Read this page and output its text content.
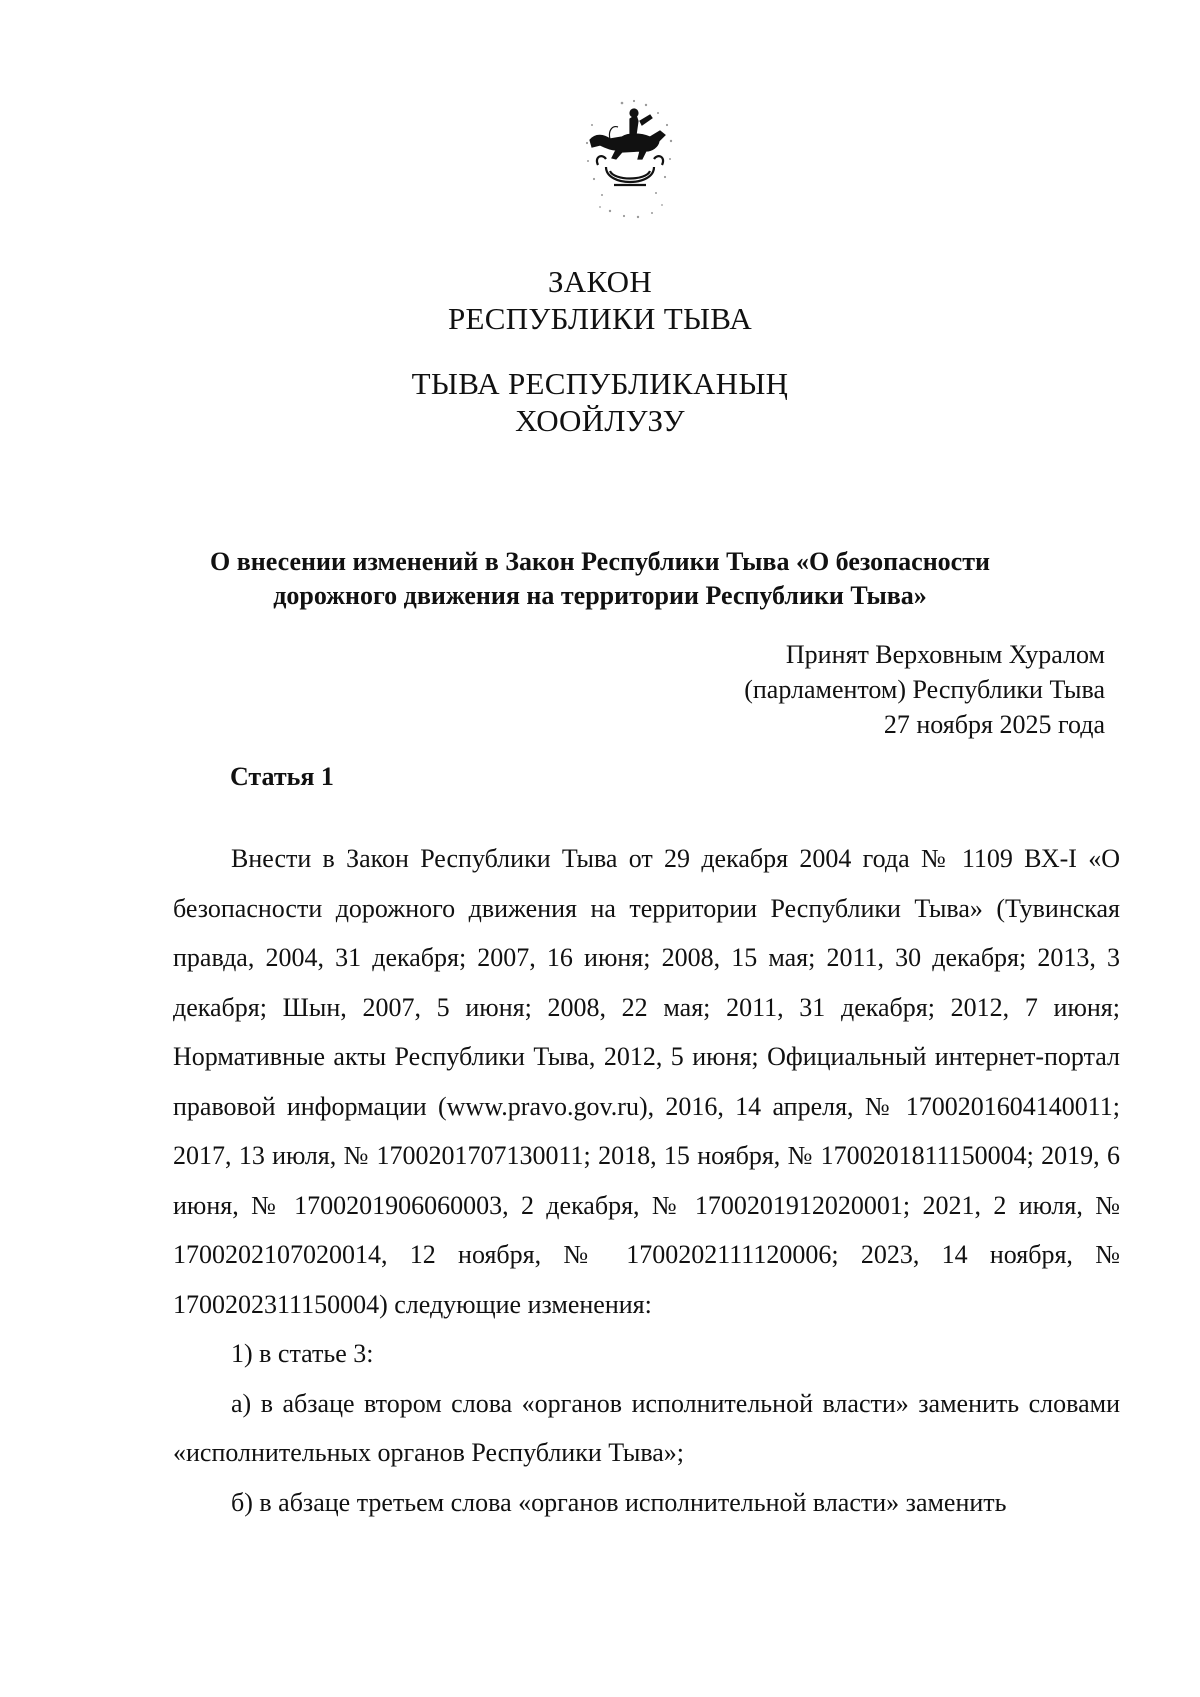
ЗАКОН
РЕСПУБЛИКИ ТЫВА
ТЫВА РЕСПУБЛИКАНЫҢ
ХООЙЛУЗУ
О внесении изменений в Закон Республики Тыва «О безопасности
дорожного движения на территории Республики Тыва»
Принят Верховным Хуралом
(парламентом) Республики Тыва
27 ноября 2025 года
Статья 1

Внести в Закон Республики Тыва от 29 декабря 2004 года № 1109 ВХ-I «О безопасности дорожного движения на территории Республики Тыва» (Тувинская правда, 2004, 31 декабря; 2007, 16 июня; 2008, 15 мая; 2011, 30 декабря; 2013, 3 декабря; Шын, 2007, 5 июня; 2008, 22 мая; 2011, 31 декабря; 2012, 7 июня; Нормативные акты Республики Тыва, 2012, 5 июня; Официальный интернет-портал правовой информации (www.pravo.gov.ru), 2016, 14 апреля, № 1700201604140011; 2017, 13 июля, № 1700201707130011; 2018, 15 ноября, № 1700201811150004; 2019, 6 июня, № 1700201906060003, 2 декабря, № 1700201912020001; 2021, 2 июля, № 1700202107020014, 12 ноября, № 1700202111120006; 2023, 14 ноября, № 1700202311150004) следующие изменения:

1) в статье 3:

а) в абзаце втором слова «органов исполнительной власти» заменить словами «исполнительных органов Республики Тыва»;

б) в абзаце третьем слова «органов исполнительной власти» заменить
